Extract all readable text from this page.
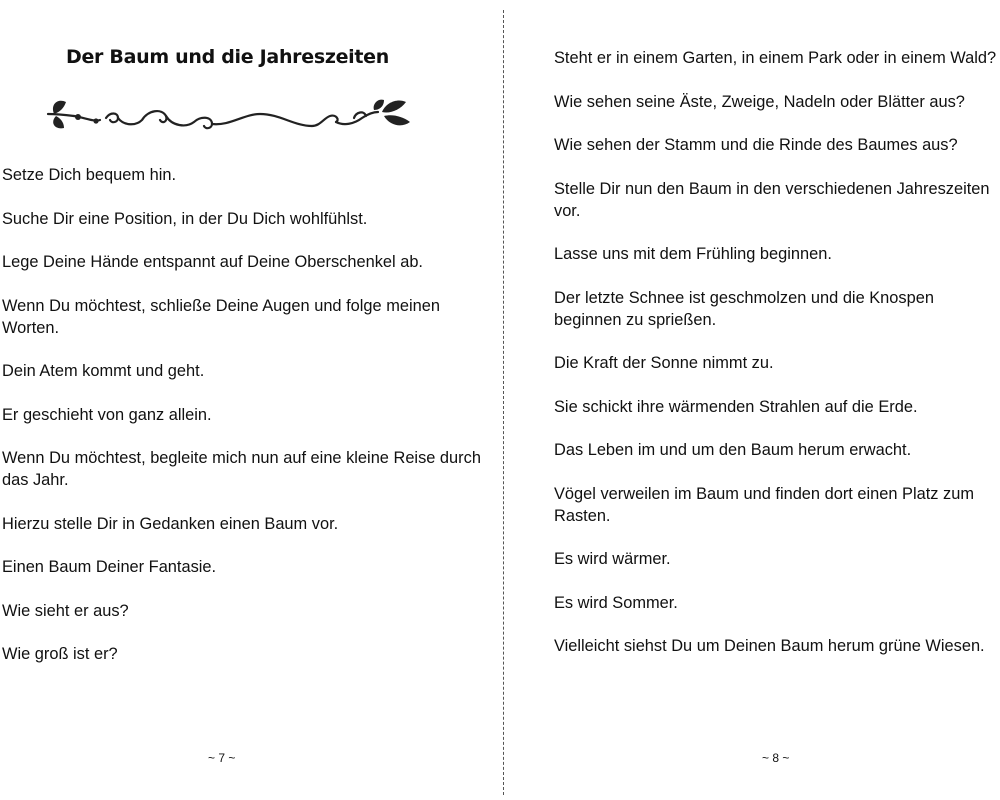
Der Baum und die Jahreszeiten
Setze Dich bequem hin.
Suche Dir eine Position, in der Du Dich wohlfühlst.
Lege Deine Hände entspannt auf Deine Oberschenkel ab.
Wenn Du möchtest, schließe Deine Augen und folge meinen Worten.
Dein Atem kommt und geht.
Er geschieht von ganz allein.
Wenn Du möchtest, begleite mich nun auf eine kleine Reise durch das Jahr.
Hierzu stelle Dir in Gedanken einen Baum vor.
Einen Baum Deiner Fantasie.
Wie sieht er aus?
Wie groß ist er?
~ 7 ~
Steht er in einem Garten, in einem Park oder in einem Wald?
Wie sehen seine Äste, Zweige, Nadeln oder Blätter aus?
Wie sehen der Stamm und die Rinde des Baumes aus?
Stelle Dir nun den Baum in den verschiedenen Jahreszeiten vor.
Lasse uns mit dem Frühling beginnen.
Der letzte Schnee ist geschmolzen und die Knospen beginnen zu sprießen.
Die Kraft der Sonne nimmt zu.
Sie schickt ihre wärmenden Strahlen auf die Erde.
Das Leben im und um den Baum herum erwacht.
Vögel verweilen im Baum und finden dort einen Platz zum Rasten.
Es wird wärmer.
Es wird Sommer.
Vielleicht siehst Du um Deinen Baum herum grüne Wiesen.
~ 8 ~
